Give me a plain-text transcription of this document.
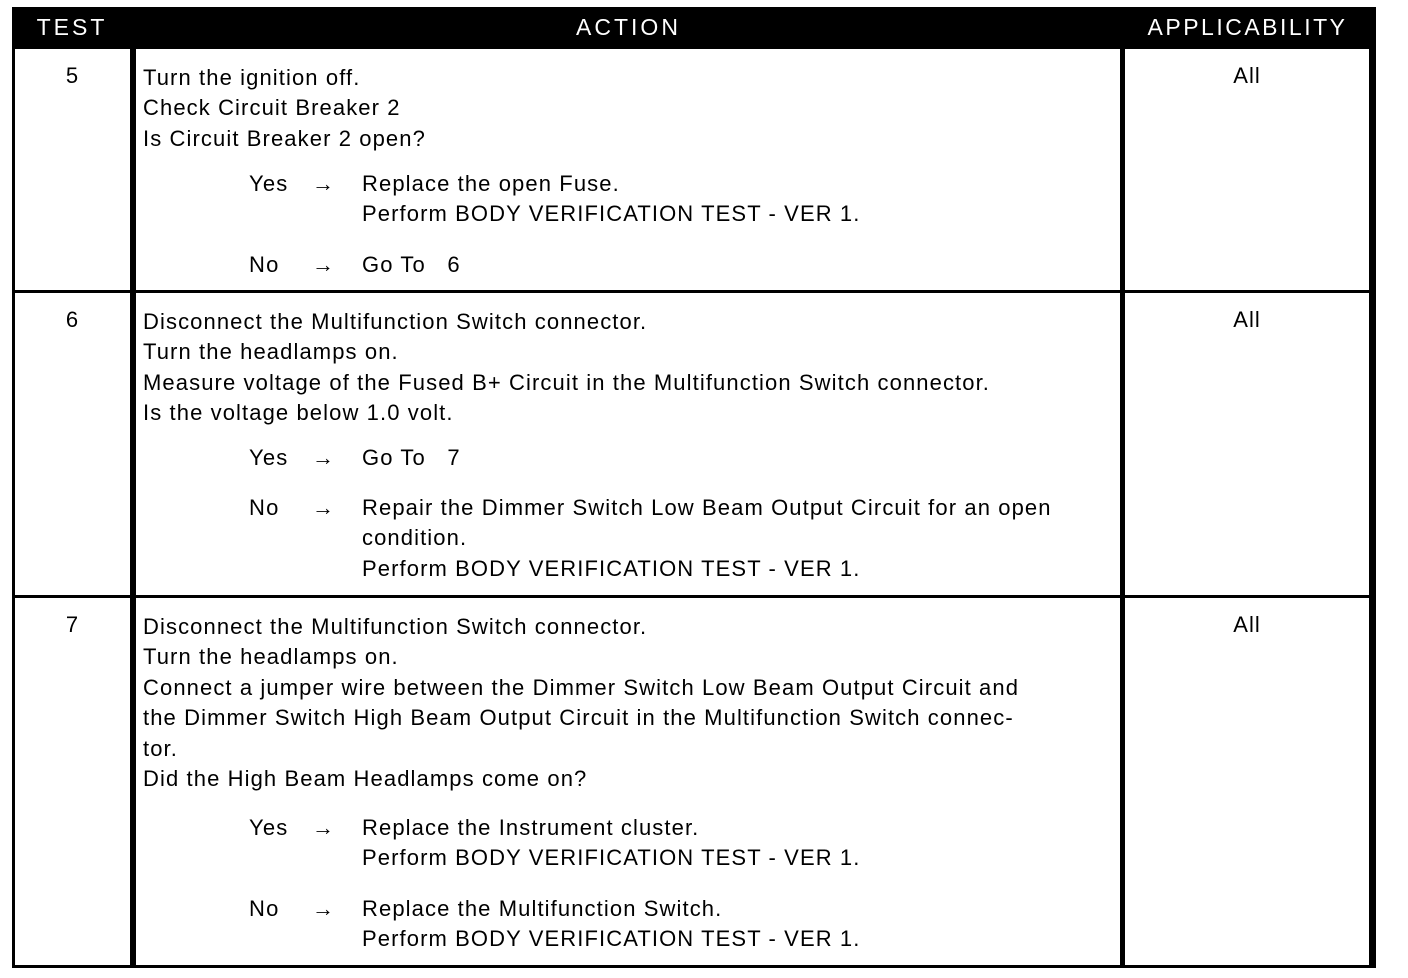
TEST	ACTION	APPLICABILITY
5	Turn the ignition off.
Check Circuit Breaker 2
Is Circuit Breaker 2 open?
Yes	→	Replace the open Fuse.
Perform BODY VERIFICATION TEST - VER 1.
No	→	Go To   6
All
6	Disconnect the Multifunction Switch connector.
Turn the headlamps on.
Measure voltage of the Fused B+ Circuit in the Multifunction Switch connector.
Is the voltage below 1.0 volt.
Yes	→	Go To   7
No	→	Repair the Dimmer Switch Low Beam Output Circuit for an open
condition.
Perform BODY VERIFICATION TEST - VER 1.
All
7	Disconnect the Multifunction Switch connector.
Turn the headlamps on.
Connect a jumper wire between the Dimmer Switch Low Beam Output Circuit and
the Dimmer Switch High Beam Output Circuit in the Multifunction Switch connec-
tor.
Did the High Beam Headlamps come on?
Yes	→	Replace the Instrument cluster.
Perform BODY VERIFICATION TEST - VER 1.
No	→	Replace the Multifunction Switch.
Perform BODY VERIFICATION TEST - VER 1.
All
